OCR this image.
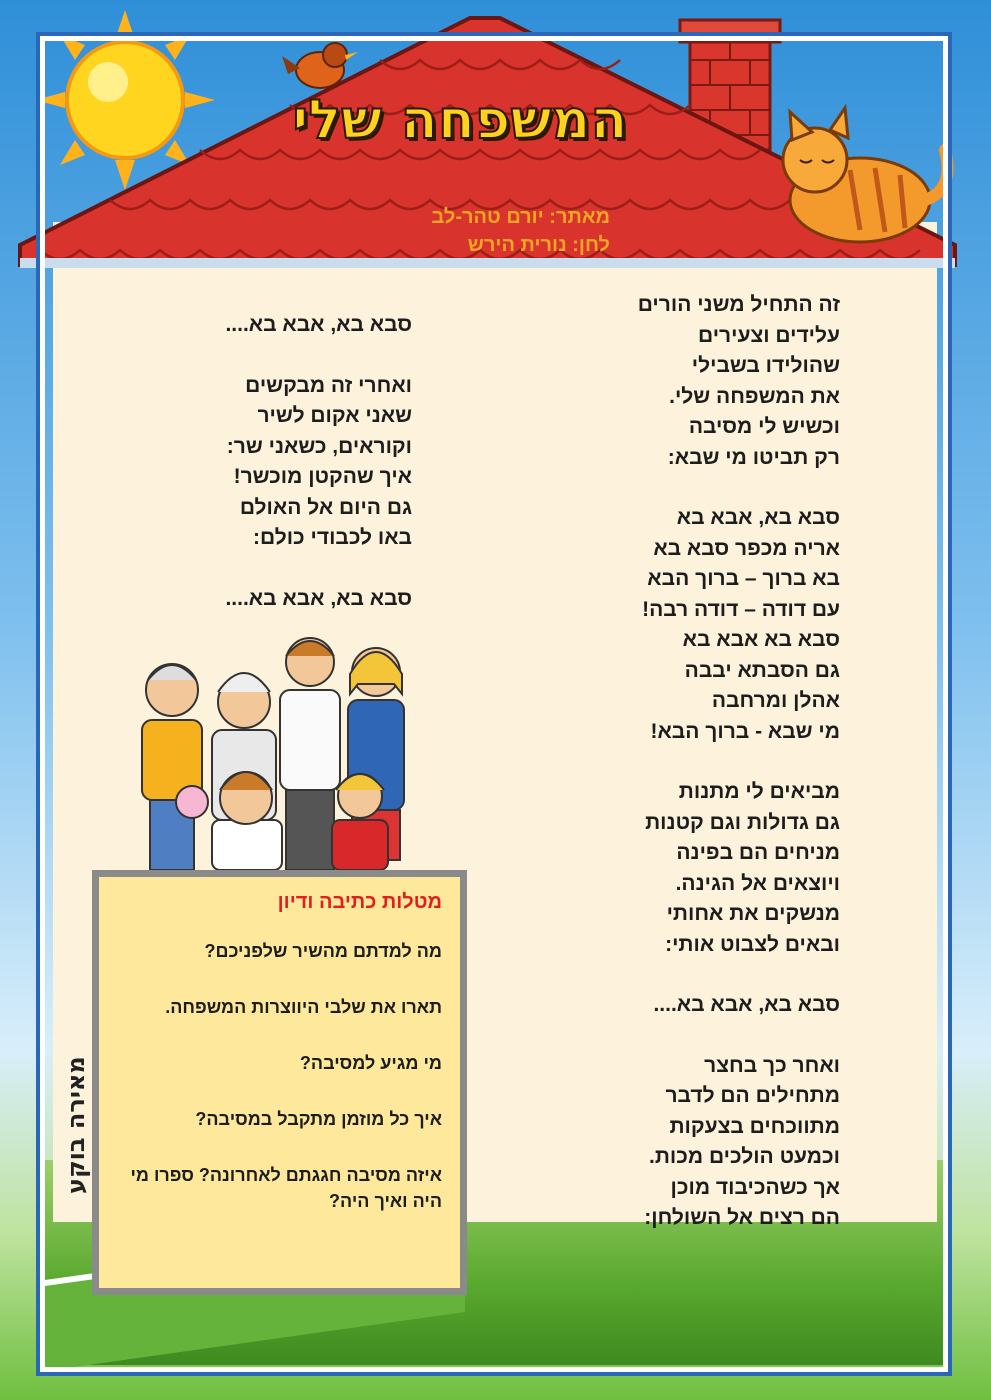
המשפחה שלי
מאתר: יורם טהר-לב
לחן: נורית הירש
זה התחיל משני הורים
עלידים וצעירים
שהולידו בשבילי
את המשפחה שלי.
וכשיש לי מסיבה
רק תביטו מי שבא:
סבא בא, אבא בא
אריה מכפר סבא בא
בא ברוך – ברוך הבא
עם דודה – דודה רבה!
סבא בא אבא בא
גם הסבתא יבבה
אהלן ומרחבה
מי שבא - ברוך הבא!
מביאים לי מתנות
גם גדולות וגם קטנות
מניחים הם בפינה
ויוצאים אל הגינה.
מנשקים את אחותי
ובאים לצבוט אותי:
סבא בא, אבא בא....
ואחר כך בחצר
מתחילים הם לדבר
מתווכחים בצעקות
וכמעט הולכים מכות.
אך כשהכיבוד מוכן
הם רצים אל השולחן:
סבא בא, אבא בא....
ואחרי זה מבקשים
שאני אקום לשיר
וקוראים, כשאני שר:
איך שהקטן מוכשר!
גם היום אל האולם
באו לכבודי כולם:
סבא בא, אבא בא....
מטלות כתיבה ודיון
מה למדתם מהשיר שלפניכם?
תארו את שלבי היווצרות המשפחה.
מי מגיע למסיבה?
איך כל מוזמן מתקבל במסיבה?
איזה מסיבה חגגתם לאחרונה? ספרו מי היה ואיך היה?
מאירה בוקע
